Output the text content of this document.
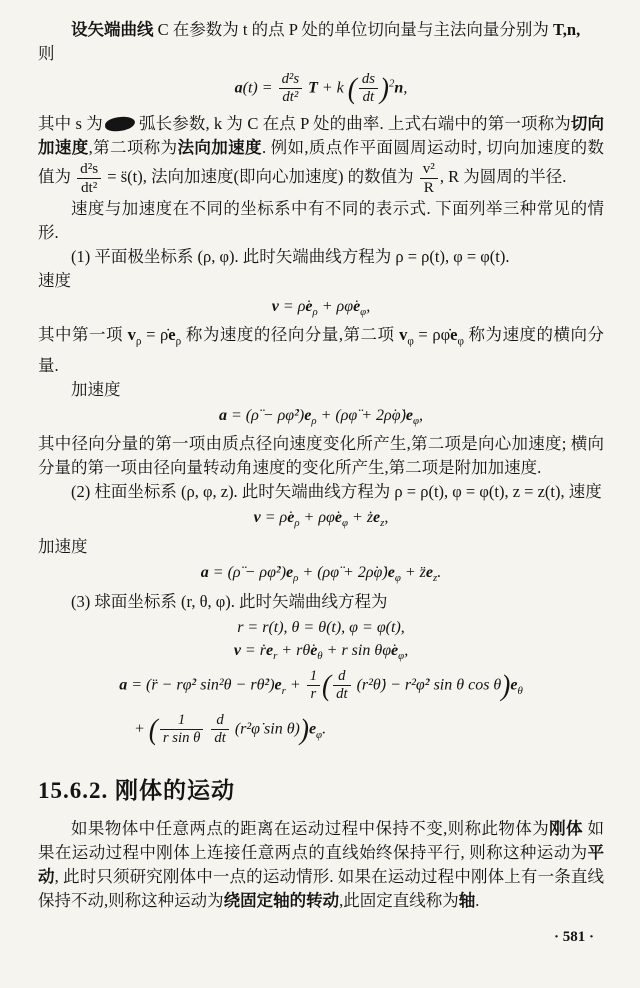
设矢端曲线 C 在参数为 t 的点 P 处的单位切向量与主法向量分别为 T,n,

则

$a(t) = \frac{\text{d²s}}{\text{dt²}}$ T + k ( $\frac{ds}{dt} )^2n$,

其中 s 为 弧长参数, k 为 C 在点 P 处的曲率. 上式右端中的第一项称为切向加速度,第二项称为法向加速度. 例如,质点作平面圆周运动时, 切向加速度的数值为 $\frac{\text{d²s}}{\text{dt²}}$ = s̈(t), 法向加速度(即向心加速度) 的数值为 $\frac{\text{v²}}{R}$ , R 为圆周的半径.

速度与加速度在不同的坐标系中有不同的表示式. 下面列举三种常见的情形.

(1) 平面极坐标系 (ρ, φ). 此时矢端曲线方程为 ρ = ρ(t), φ = φ(t).

速度

$v = \rhȯe_\rho$ + $\rho\varphi̇e_\varphi$,

其中第一项 $v_\rho$ = $\rhȯe_\rho$ 称为速度的径向分量,第二项 $v_\varphi$ = $\rho\varphi̇e_\varphi$ 称为速度的横向分量.

加速度

a = (ρ̈ − $\rho\varphi̇^2)e_\rho$ + (ρφ̈ + $2\rhȯ\varphi̇)e_\varphi$,

其中径向分量的第一项由质点径向速度变化所产生,第二项是向心加速度; 横向分量的第一项由径向量转动角速度的变化所产生,第二项是附加加速度.

(2) 柱面坐标系 (ρ, φ, z). 此时矢端曲线方程为 ρ = ρ(t), φ = φ(t), z = z(t), 速度

$v = \rhȯe_\rho$ + $\rho\varphi̇e_\varphi$ + $że_z$,

加速度

a = (ρ̈ − $\rho\varphi̇^2)e_\rho$ + (ρφ̈ + $2\rhȯ\varphi̇)e_\varphi$ + $z̈e_z$.

(3) 球面坐标系 (r, θ, φ). 此时矢端曲线方程为

r = r(t), θ = θ(t), φ = φ(t),
v = ṙe$_r$ + $r\thetȧe_\theta + r$ $\sin \theta\varphi̇e_\varphi$,
a = (r̈ − rφ̇² $\sin^2\theta - r\thetȧ^2)e_r + \frac{1}{r}$ ( $\frac{d}{dt}$ (r²θ̇) − r²φ̇² sin θ $\cos \theta)e_\theta$
+ ( $\frac{1}{\text{r sin θ}}$
$\frac{d}{dt}$ (r²φ̇ $\sin \theta))e_\varphi$.
15.6.2. 刚体的运动

如果物体中任意两点的距离在运动过程中保持不变,则称此物体为刚体 如果在运动过程中刚体上连接任意两点的直线始终保持平行, 则称这种运动为平动, 此时只须研究刚体中一点的运动情形. 如果在运动过程中刚体上有一条直线保持不动,则称这种运动为绕固定轴的转动,此固定直线称为轴.

· 581 ·
